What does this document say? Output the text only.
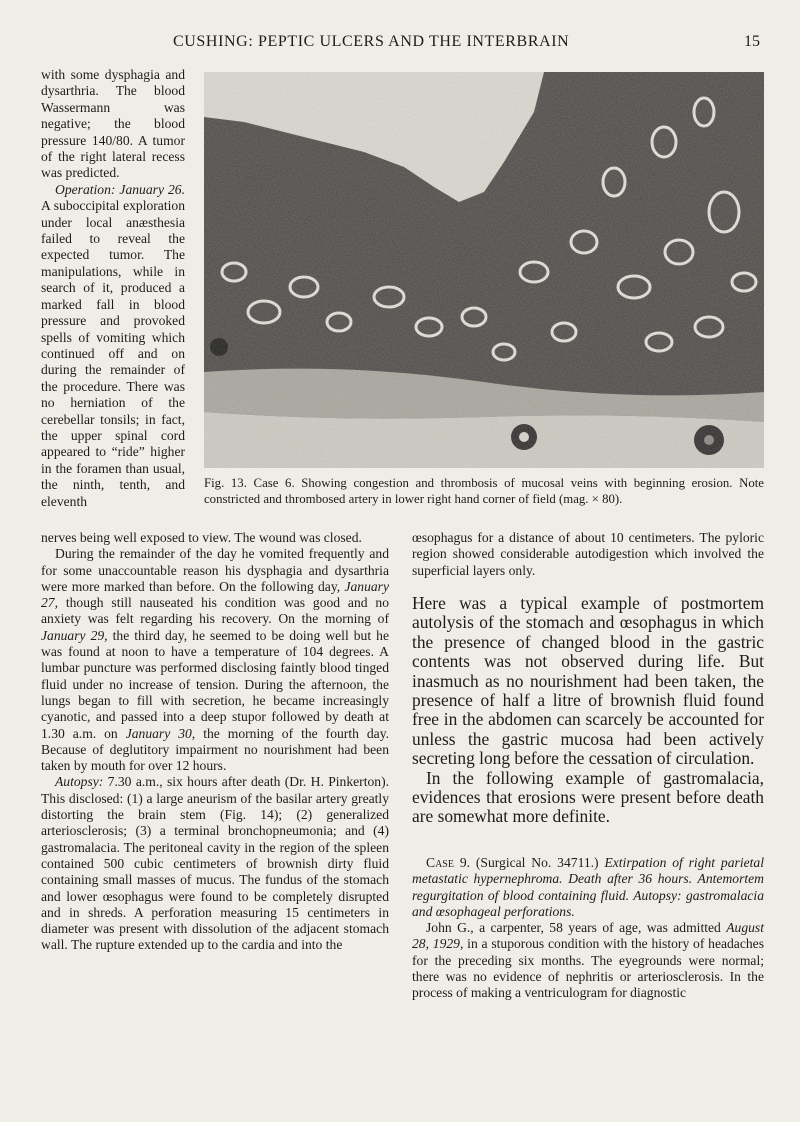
CUSHING: PEPTIC ULCERS AND THE INTERBRAIN	15

with some dysphagia and dysarthria. The blood Wassermann was negative; the blood pressure 140/80. A tumor of the right lateral recess was predicted.

Operation: January 26. A suboccipital exploration under local anæsthesia failed to reveal the expected tumor. The manipulations, while in search of it, produced a marked fall in blood pressure and provoked spells of vomiting which continued off and on during the remainder of the procedure. There was no herniation of the cerebellar tonsils; in fact, the upper spinal cord appeared to “ride” higher in the foramen than usual, the ninth, tenth, and eleventh

Fig. 13. Case 6. Showing congestion and thrombosis of mucosal veins with beginning erosion. Note constricted and thrombosed artery in lower right hand corner of field (mag. × 80).

nerves being well exposed to view. The wound was closed.

During the remainder of the day he vomited frequently and for some unaccountable reason his dysphagia and dysarthria were more marked than before. On the following day, January 27, though still nauseated his condition was good and no anxiety was felt regarding his recovery. On the morning of January 29, the third day, he seemed to be doing well but he was found at noon to have a temperature of 104 degrees. A lumbar puncture was performed disclosing faintly blood tinged fluid under no increase of tension. During the afternoon, the lungs began to fill with secretion, he became increasingly cyanotic, and passed into a deep stupor followed by death at 1.30 a.m. on January 30, the morning of the fourth day. Because of deglutitory impairment no nourishment had been taken by mouth for over 12 hours.

Autopsy: 7.30 a.m., six hours after death (Dr. H. Pinkerton). This disclosed: (1) a large aneurism of the basilar artery greatly distorting the brain stem (Fig. 14); (2) generalized arteriosclerosis; (3) a terminal bronchopneumonia; and (4) gastromalacia. The peritoneal cavity in the region of the spleen contained 500 cubic centimeters of brownish dirty fluid containing small masses of mucus. The fundus of the stomach and lower œsophagus were found to be completely disrupted and in shreds. A perforation measuring 15 centimeters in diameter was present with dissolution of the adjacent stomach wall. The rupture extended up to the cardia and into the

œsophagus for a distance of about 10 centimeters. The pyloric region showed considerable autodigestion which involved the superficial layers only.

Here was a typical example of postmortem autolysis of the stomach and œsophagus in which the presence of changed blood in the gastric contents was not observed during life. But inasmuch as no nourishment had been taken, the presence of half a litre of brownish fluid found free in the abdomen can scarcely be accounted for unless the gastric mucosa had been actively secreting long before the cessation of circulation.

In the following example of gastromalacia, evidences that erosions were present before death are somewhat more definite.

Case 9. (Surgical No. 34711.) Extirpation of right parietal metastatic hypernephroma. Death after 36 hours. Antemortem regurgitation of blood containing fluid. Autopsy: gastromalacia and œsophageal perforations.

John G., a carpenter, 58 years of age, was admitted August 28, 1929, in a stuporous condition with the history of headaches for the preceding six months. The eyegrounds were normal; there was no evidence of nephritis or arteriosclerosis. In the process of making a ventriculogram for diagnostic
